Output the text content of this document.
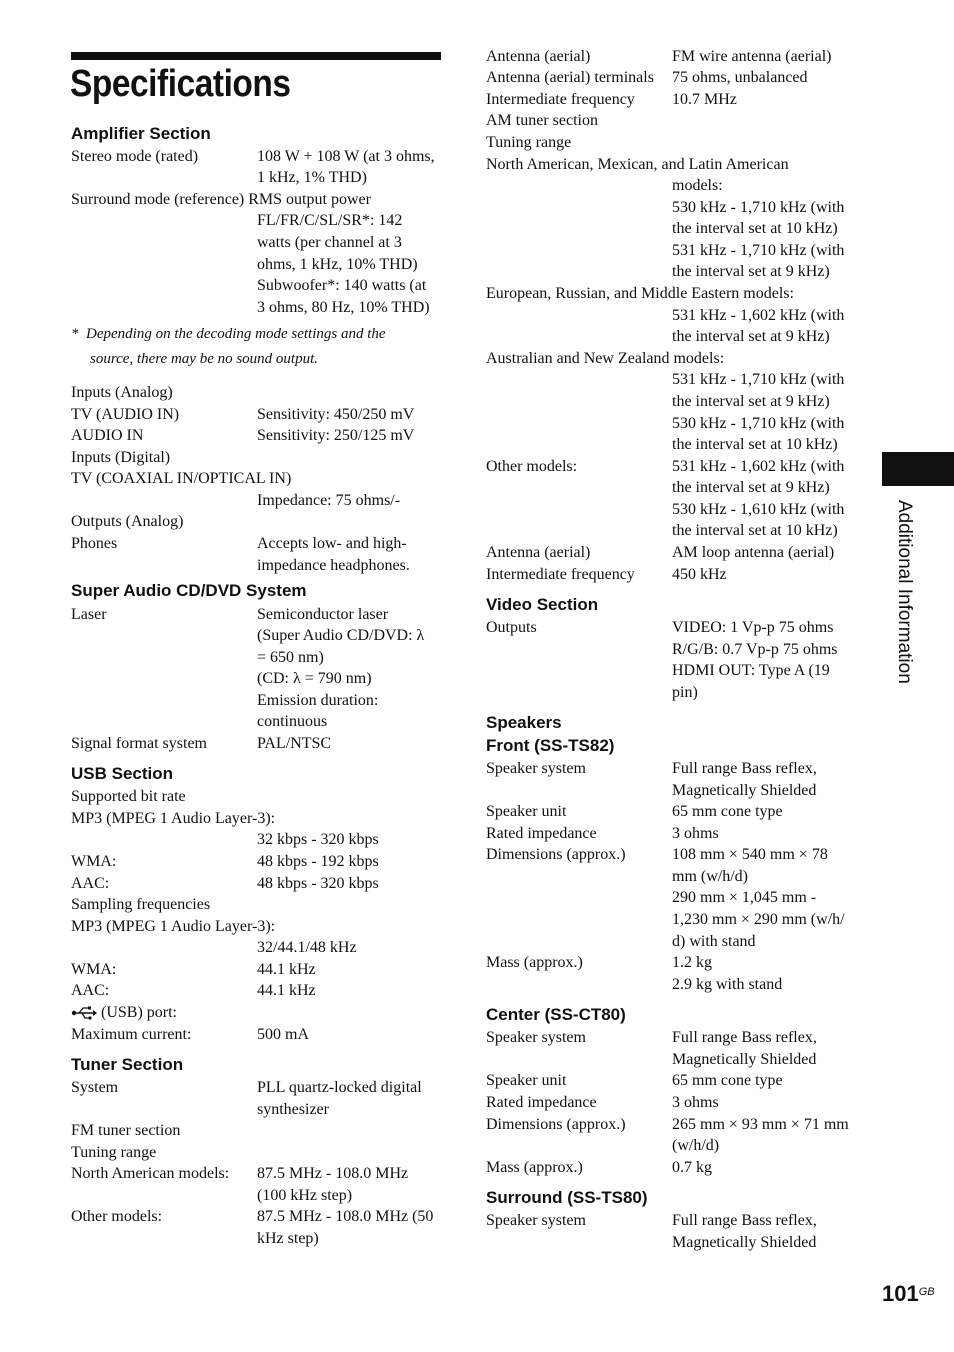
Specifications
Additional Information
$101^{GB}$
Stereo mode (rated)	108 W + 108 W (at 3 ohms,
1 kHz, 1% THD)
Surround mode (reference) RMS output power
FL/FR/C/SL/SR*: 142
watts (per channel at 3
ohms, 1 kHz, 10% THD)
Subwoofer*: 140 watts (at
3 ohms, 80 Hz, 10% THD)
Inputs (Analog)
TV (AUDIO IN)	Sensitivity: 450/250 mV
AUDIO IN	Sensitivity: 250/125 mV
Inputs (Digital)
TV (COAXIAL IN/OPTICAL IN)
Impedance: 75 ohms/-
Outputs (Analog)
Phones	Accepts low- and high-
impedance headphones.
Laser	Semiconductor laser
(Super Audio CD/DVD: λ
= 650 nm)
(CD: λ = 790 nm)
Emission duration:
continuous
Signal format system	PAL/NTSC
Supported bit rate
MP3 (MPEG 1 Audio Layer-3):
32 kbps - 320 kbps
WMA:	48 kbps - 192 kbps
AAC:	48 kbps - 320 kbps
Sampling frequencies
MP3 (MPEG 1 Audio Layer-3):
32/44.1/48 kHz
WMA:	44.1 kHz
AAC:	44.1 kHz
(USB) port:
Maximum current:	500 mA
System	PLL quartz-locked digital
synthesizer
FM tuner section
Tuning range
North American models: 87.5 MHz - 108.0 MHz
(100 kHz step)
Other models:	87.5 MHz - 108.0 MHz (50
kHz step)
Amplifier Section
Super Audio CD/DVD System
USB Section
Tuner Section
*  Depending on the decoding mode settings and the
source, there may be no sound output.
Antenna (aerial)	FM wire antenna (aerial)
Antenna (aerial) terminals 75 ohms, unbalanced
Intermediate frequency 10.7 MHz
AM tuner section
Tuning range
North American, Mexican, and Latin American
models:
530 kHz - 1,710 kHz (with
the interval set at 10 kHz)
531 kHz - 1,710 kHz (with
the interval set at 9 kHz)
European, Russian, and Middle Eastern models:
531 kHz - 1,602 kHz (with
the interval set at 9 kHz)
Australian and New Zealand models:
531 kHz - 1,710 kHz (with
the interval set at 9 kHz)
530 kHz - 1,710 kHz (with
the interval set at 10 kHz)
Other models:	531 kHz - 1,602 kHz (with
the interval set at 9 kHz)
530 kHz - 1,610 kHz (with
the interval set at 10 kHz)
Antenna (aerial)	AM loop antenna (aerial)
Intermediate frequency 450 kHz
Outputs	VIDEO: 1 Vp-p 75 ohms
R/G/B: 0.7 Vp-p 75 ohms
HDMI OUT: Type A (19
pin)
Speaker system	Full range Bass reflex,
Magnetically Shielded
Speaker unit	65 mm cone type
Rated impedance	3 ohms
Dimensions (approx.)	108 mm × 540 mm × 78
mm (w/h/d)
290 mm × 1,045 mm -
1,230 mm × 290 mm (w/h/
d) with stand
Mass (approx.)	1.2 kg
2.9 kg with stand
Speaker system	Full range Bass reflex,
Magnetically Shielded
Speaker unit	65 mm cone type
Rated impedance	3 ohms
Dimensions (approx.)	265 mm × 93 mm × 71 mm
(w/h/d)
Mass (approx.)	0.7 kg
Speaker system	Full range Bass reflex,
Magnetically Shielded
Video Section
Speakers
Front (SS-TS82)
Center (SS-CT80)
Surround (SS-TS80)
